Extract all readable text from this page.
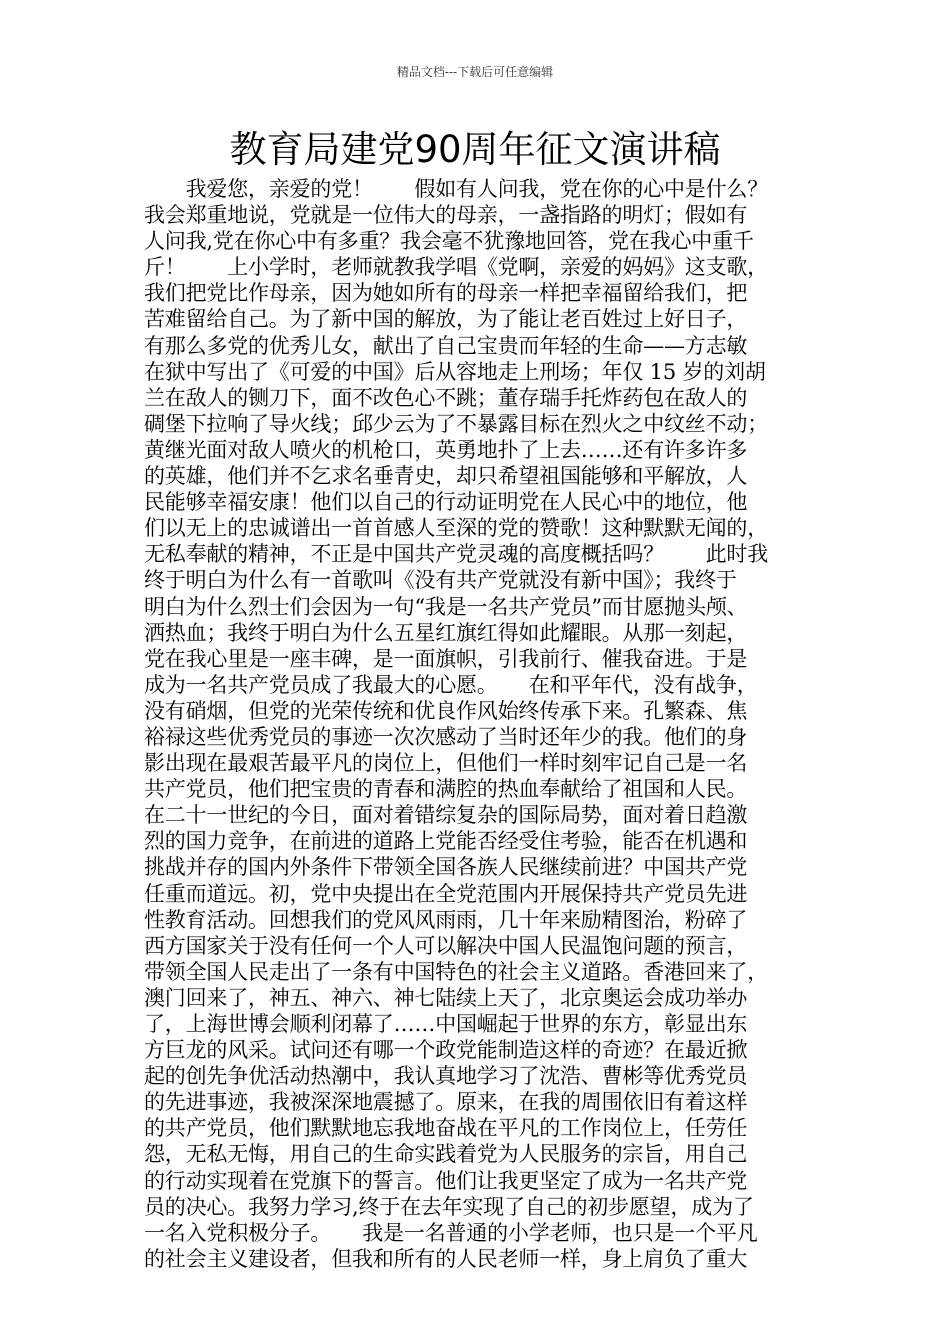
精品文档---下载后可任意编辑
教育局建党90周年征文演讲稿
　　我爱您，亲爱的党！　　假如有人问我，党在你的心中是什么？
我会郑重地说，党就是一位伟大的母亲，一盏指路的明灯；假如有
人问我,党在你心中有多重？我会毫不犹豫地回答，党在我心中重千
斤！　　上小学时，老师就教我学唱《党啊，亲爱的妈妈》这支歌，
我们把党比作母亲，因为她如所有的母亲一样把幸福留给我们，把
苦难留给自己。为了新中国的解放，为了能让老百姓过上好日子，
有那么多党的优秀儿女，献出了自己宝贵而年轻的生命——方志敏
在狱中写出了《可爱的中国》后从容地走上刑场；年仅 15 岁的刘胡
兰在敌人的铡刀下，面不改色心不跳；董存瑞手托炸药包在敌人的
碉堡下拉响了导火线；邱少云为了不暴露目标在烈火之中纹丝不动；
黄继光面对敌人喷火的机枪口，英勇地扑了上去……还有许多许多
的英雄，他们并不乞求名垂青史，却只希望祖国能够和平解放，人
民能够幸福安康！他们以自己的行动证明党在人民心中的地位，他
们以无上的忠诚谱出一首首感人至深的党的赞歌！这种默默无闻的，
无私奉献的精神，不正是中国共产党灵魂的高度概括吗？　　此时我
终于明白为什么有一首歌叫《没有共产党就没有新中国》；我终于
明白为什么烈士们会因为一句“我是一名共产党员”而甘愿抛头颅、
洒热血；我终于明白为什么五星红旗红得如此耀眼。从那一刻起，
党在我心里是一座丰碑，是一面旗帜，引我前行、催我奋进。于是
成为一名共产党员成了我最大的心愿。　　在和平年代，没有战争，
没有硝烟，但党的光荣传统和优良作风始终传承下来。孔繁森、焦
裕禄这些优秀党员的事迹一次次感动了当时还年少的我。他们的身
影出现在最艰苦最平凡的岗位上，但他们一样时刻牢记自己是一名
共产党员，他们把宝贵的青春和满腔的热血奉献给了祖国和人民。
在二十一世纪的今日，面对着错综复杂的国际局势，面对着日趋激
烈的国力竞争，在前进的道路上党能否经受住考验，能否在机遇和
挑战并存的国内外条件下带领全国各族人民继续前进？中国共产党
任重而道远。初，党中央提出在全党范围内开展保持共产党员先进
性教育活动。回想我们的党风风雨雨，几十年来励精图治，粉碎了
西方国家关于没有任何一个人可以解决中国人民温饱问题的预言，
带领全国人民走出了一条有中国特色的社会主义道路。香港回来了，
澳门回来了，神五、神六、神七陆续上天了，北京奥运会成功举办
了，上海世博会顺利闭幕了……中国崛起于世界的东方，彰显出东
方巨龙的风采。试问还有哪一个政党能制造这样的奇迹？在最近掀
起的创先争优活动热潮中，我认真地学习了沈浩、曹彬等优秀党员
的先进事迹，我被深深地震撼了。原来，在我的周围依旧有着这样
的共产党员，他们默默地忘我地奋战在平凡的工作岗位上，任劳任
怨，无私无悔，用自己的生命实践着党为人民服务的宗旨，用自己
的行动实现着在党旗下的誓言。他们让我更坚定了成为一名共产党
员的决心。我努力学习,终于在去年实现了自己的初步愿望，成为了
一名入党积极分子。　　我是一名普通的小学老师，也只是一个平凡
的社会主义建设者，但我和所有的人民老师一样，身上肩负了重大
